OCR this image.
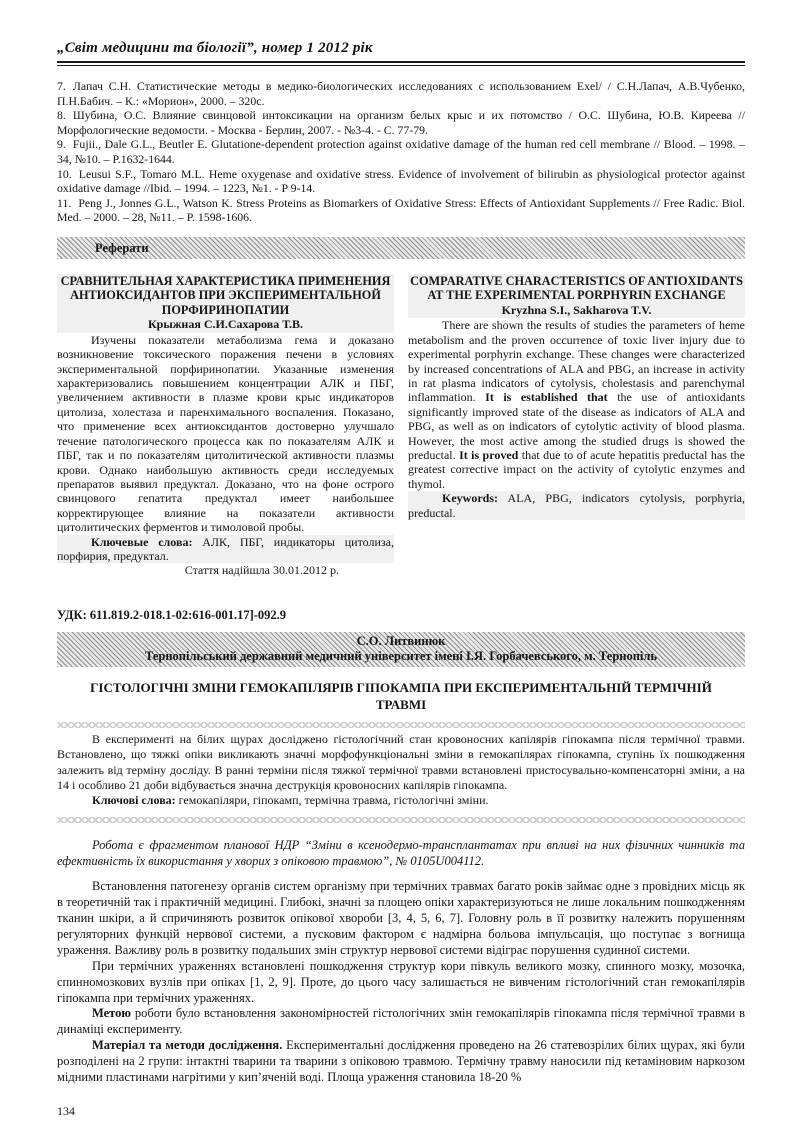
„Світ медицини та біології”, номер 1 2012 рік

7. Лапач С.Н. Статистические методы в медико-биологических исследованиях с использованием Exel/ / С.Н.Лапач, А.В.Чубенко, П.Н.Бабич. – К.: «Морион», 2000. – 320с.

8. Шубина, О.С. Влияние свинцовой интоксикации на организм белых крыс и их потомство / О.С. Шубина, Ю.В. Киреева // Морфологические ведомости. - Москва - Берлин, 2007. - №3-4. - С. 77-79.

9. Fujii., Dale G.L., Beutler E. Glutatione-dependent protection against oxidative damage of the human red cell membrane // Blood. – 1998. – 34, №10. – P.1632-1644.

10. Leusui S.F., Tomaro M.L. Heme oxygenase and oxidative stress. Evidence of involvement of bilirubin as physiological protector against oxidative damage //Ibid. – 1994. – 1223, №1. - P 9-14.

11. Peng J., Jonnes G.L., Watson K. Stress Proteins as Biomarkers of Oxidative Stress: Effects of Antioxidant Supplements // Free Radic. Biol. Med. – 2000. – 28, №11. – P. 1598-1606.

Реферати

СРАВНИТЕЛЬНАЯ ХАРАКТЕРИСТИКА ПРИМЕНЕНИЯ АНТИОКСИДАНТОВ ПРИ ЭКСПЕРИМЕНТАЛЬНОЙ ПОРФИРИНОПАТИИ

Крыжная С.И.Сахарова Т.В.

Изучены показатели метаболизма гема и доказано возникновение токсического поражения печени в условиях экспериментальной порфиринопатии. Указанные изменения характеризовались повышением концентрации АЛК и ПБГ, увеличением активности в плазме крови крыс индикаторов цитолиза, холестаза и паренхимального воспаления. Показано, что применение всех антиоксидантов достоверно улучшало течение патологического процесса как по показателям АЛК и ПБГ, так и по показателям цитолитической активности плазмы крови. Однако наибольшую активность среди исследуемых препаратов выявил предуктал. Доказано, что на фоне острого свинцового гепатита предуктал имеет наибольшее корректирующее влияние на показатели активности цитолитических ферментов и тимоловой пробы.

Ключевые слова: АЛК, ПБГ, индикаторы цитолиза, порфирия, предуктал.

Стаття надійшла 30.01.2012 р.

COMPARATIVE CHARACTERISTICS OF ANTIOXIDANTS AT THE EXPERIMENTAL PORPHYRIN EXCHANGE

Kryzhna S.I., Sakharova T.V.

There are shown the results of studies the parameters of heme metabolism and the proven occurrence of toxic liver injury due to experimental porphyrin exchange. These changes were characterized by increased concentrations of ALA and PBG, an increase in activity in rat plasma indicators of cytolysis, cholestasis and parenchymal inflammation. It is established that the use of antioxidants significantly improved state of the disease as indicators of ALA and PBG, as well as on indicators of cytolytic activity of blood plasma. However, the most active among the studied drugs is showed the preductal. It is proved that due to of acute hepatitis preductal has the greatest corrective impact on the activity of cytolytic enzymes and thymol.

Keywords: ALA, PBG, indicators cytolysis, porphyria, preductal.

УДК: 611.819.2-018.1-02:616-001.17]-092.9
С.О. Литвинюк
Тернопільський державний медичний університет імені І.Я. Горбачевського, м. Тернопіль
ГІСТОЛОГІЧНІ ЗМІНИ ГЕМОКАПІЛЯРІВ ГІПОКАМПА ПРИ ЕКСПЕРИМЕНТАЛЬНІЙ ТЕРМІЧНІЙ ТРАВМІ

В експерименті на білих щурах досліджено гістологічний стан кровоносних капілярів гіпокампа після термічної травми. Встановлено, що тяжкі опіки викликають значні морфофункціональні зміни в гемокапілярах гіпокампа, ступінь їх пошкодження залежить від терміну досліду. В ранні терміни після тяжкої термічної травми встановлені пристосувально-компенсаторні зміни, а на 14 і особливо 21 доби відбувається значна деструкція кровоносних капілярів гіпокампа.

Ключові слова: гемокапіляри, гіпокамп, термічна травма, гістологічні зміни.

Робота є фрагментом планової НДР “Зміни в ксенодермо-трансплантатах при впливі на них фізичних чинників та ефективність їх використання у хворих з опіковою травмою”, № 0105U004112.

Встановлення патогенезу органів систем організму при термічних травмах багато років займає одне з провідних місць як в теоретичній так і практичній медицині. Глибокі, значні за площею опіки характеризуються не лише локальним пошкодженням тканин шкіри, а й спричиняють розвиток опікової хвороби [3, 4, 5, 6, 7]. Головну роль в її розвитку належить порушенням регуляторних функцій нервової системи, а пусковим фактором є надмірна больова імпульсація, що поступає з вогнища ураження. Важливу роль в розвитку подальших змін структур нервової системи відіграє порушення судинної системи.

При термічних ураженнях встановлені пошкодження структур кори півкуль великого мозку, спинного мозку, мозочка, спинномозкових вузлів при опіках [1, 2, 9]. Проте, до цього часу залишається не вивченим гістологічний стан гемокапілярів гіпокампа при термічних ураженнях.

Метою роботи було встановлення закономірностей гістологічних змін гемокапілярів гіпокампа після термічної травми в динаміці експерименту.

Матеріал та методи дослідження. Експериментальні дослідження проведено на 26 статевозрілих білих щурах, які були розподілені на 2 групи: інтактні тварини та тварини з опіковою травмою. Термічну травму наносили під кетаміновим наркозом мідними пластинами нагрітими у кип’яченій воді. Площа ураження становила 18-20 %

134
